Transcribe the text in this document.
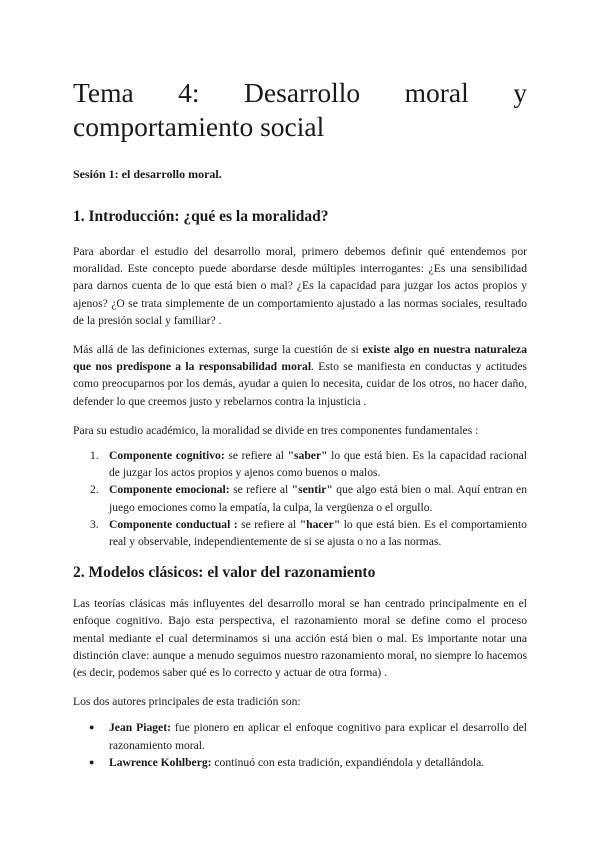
Tema 4: Desarrollo moral y
comportamiento social
Sesión 1: el desarrollo moral.
1. Introducción: ¿qué es la moralidad?

Para abordar el estudio del desarrollo moral, primero debemos definir qué entendemos por moralidad. Este concepto puede abordarse desde múltiples interrogantes: ¿Es una sensibilidad para darnos cuenta de lo que está bien o mal? ¿Es la capacidad para juzgar los actos propios y ajenos? ¿O se trata simplemente de un comportamiento ajustado a las normas sociales, resultado de la presión social y familiar? .

Más allá de las definiciones externas, surge la cuestión de si existe algo en nuestra naturaleza que nos predispone a la responsabilidad moral. Esto se manifiesta en conductas y actitudes como preocuparnos por los demás, ayudar a quien lo necesita, cuidar de los otros, no hacer daño, defender lo que creemos justo y rebelarnos contra la injusticia .

Para su estudio académico, la moralidad se divide en tres componentes fundamentales :

1. Componente cognitivo: se refiere al "saber" lo que está bien. Es la capacidad racional de juzgar los actos propios y ajenos como buenos o malos.
2. Componente emocional: se refiere al "sentir" que algo está bien o mal. Aquí entran en juego emociones como la empatía, la culpa, la vergüenza o el orgullo.
3. Componente conductual : se refiere al "hacer" lo que está bien. Es el comportamiento real y observable, independientemente de si se ajusta o no a las normas.
2. Modelos clásicos: el valor del razonamiento

Las teorías clásicas más influyentes del desarrollo moral se han centrado principalmente en el enfoque cognitivo. Bajo esta perspectiva, el razonamiento moral se define como el proceso mental mediante el cual determinamos si una acción está bien o mal. Es importante notar una distinción clave: aunque a menudo seguimos nuestro razonamiento moral, no siempre lo hacemos (es decir, podemos saber qué es lo correcto y actuar de otra forma) .

Los dos autores principales de esta tradición son:

● Jean Piaget: fue pionero en aplicar el enfoque cognitivo para explicar el desarrollo del razonamiento moral.
● Lawrence Kohlberg: continuó con esta tradición, expandiéndola y detallándola.
